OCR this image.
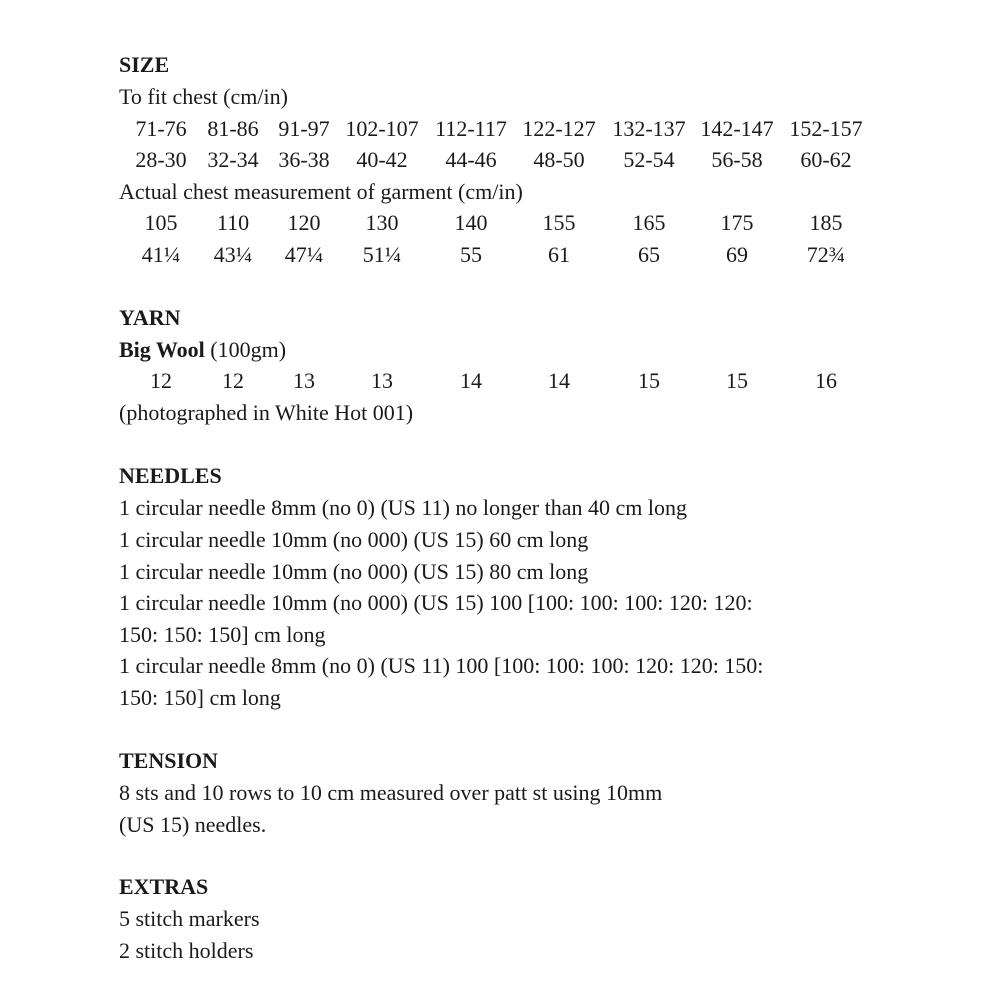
SIZE
To fit chest (cm/in)
71-76 81-86 91-97 102-107 112-117 122-127 132-137 142-147 152-157
28-30 32-34 36-38	40-42	44-46	48-50	52-54	56-58	60-62
Actual chest measurement of garment (cm/in)
105	110	120	130	140	155	165	175	185
41¼	43¼	47¼	51¼	55	61	65	69	72¾
YARN
Big Wool (100gm)
12	12	13	13	14	14	15	15	16
(photographed in White Hot 001)
NEEDLES
1 circular needle 8mm (no 0) (US 11) no longer than 40 cm long
1 circular needle 10mm (no 000) (US 15) 60 cm long
1 circular needle 10mm (no 000) (US 15) 80 cm long
1 circular needle 10mm (no 000) (US 15) 100 [100: 100: 100: 120: 120:
150: 150: 150] cm long
1 circular needle 8mm (no 0) (US 11) 100 [100: 100: 100: 120: 120: 150:
150: 150] cm long
TENSION
8 sts and 10 rows to 10 cm measured over patt st using 10mm
(US 15) needles.
EXTRAS
5 stitch markers
2 stitch holders
